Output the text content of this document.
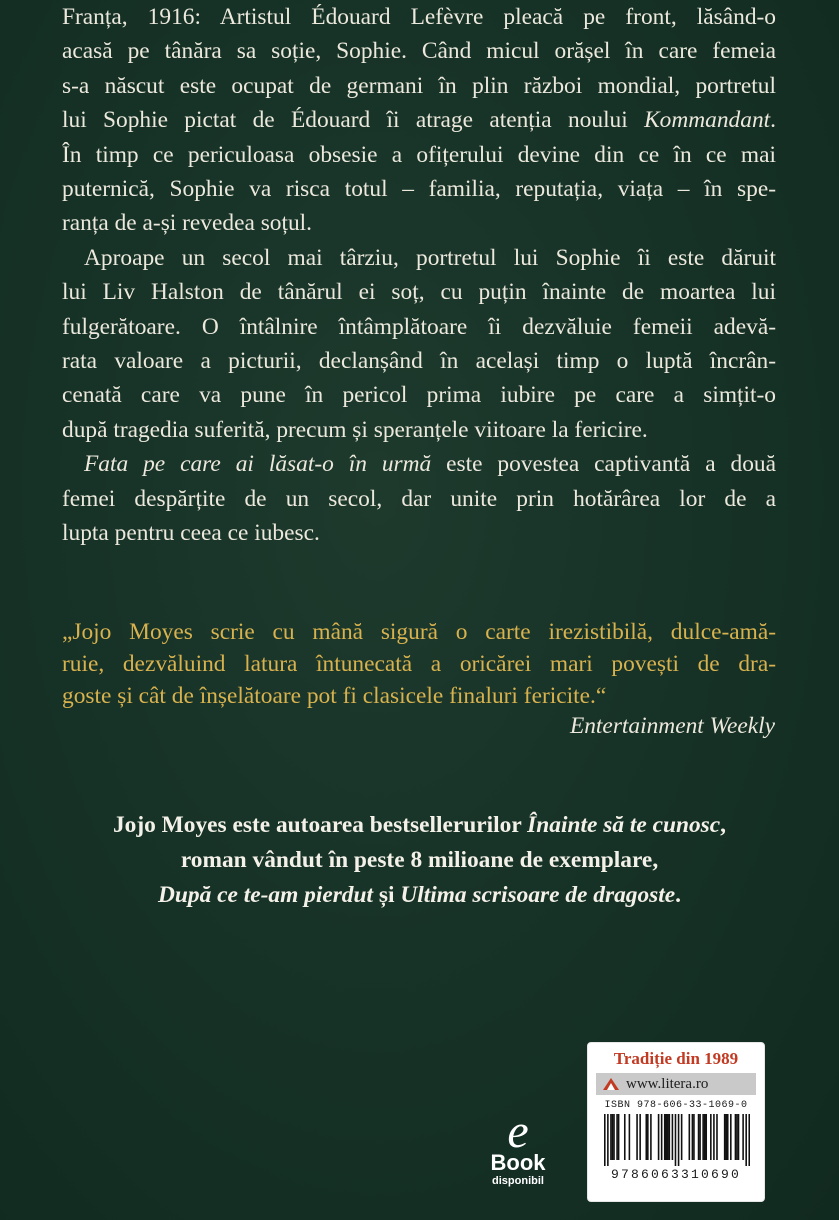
Franța, 1916: Artistul Édouard Lefèvre pleacă pe front, lăsând-o
acasă pe tânăra sa soție, Sophie. Când micul orășel în care femeia
s-a născut este ocupat de germani în plin război mondial, portretul
lui Sophie pictat de Édouard îi atrage atenția noului Kommandant.
În timp ce periculoasa obsesie a ofițerului devine din ce în ce mai
puternică, Sophie va risca totul – familia, reputația, viața – în spe-
ranța de a-și revedea soțul.

Aproape un secol mai târziu, portretul lui Sophie îi este dăruit
lui Liv Halston de tânărul ei soț, cu puțin înainte de moartea lui
fulgerătoare. O întâlnire întâmplătoare îi dezvăluie femeii adevă-
rata valoare a picturii, declanșând în același timp o luptă încrân-
cenată care va pune în pericol prima iubire pe care a simțit-o
după tragedia suferită, precum și speranțele viitoare la fericire.

Fata pe care ai lăsat-o în urmă este povestea captivantă a două
femei despărțite de un secol, dar unite prin hotărârea lor de a
lupta pentru ceea ce iubesc.

„Jojo Moyes scrie cu mână sigură o carte irezistibilă, dulce-amă-
ruie, dezvăluind latura întunecată a oricărei mari povești de dra-
goste și cât de înșelătoare pot fi clasicele finaluri fericite.“
Entertainment Weekly
Jojo Moyes este autoarea bestsellerurilor Înainte să te cunosc,
roman vândut în peste 8 milioane de exemplare,
După ce te-am pierdut și Ultima scrisoare de dragoste.
e
Book
disponibil
Tradiție din 1989
www.litera.ro
ISBN 978-606-33-1069-0
9786063310690
